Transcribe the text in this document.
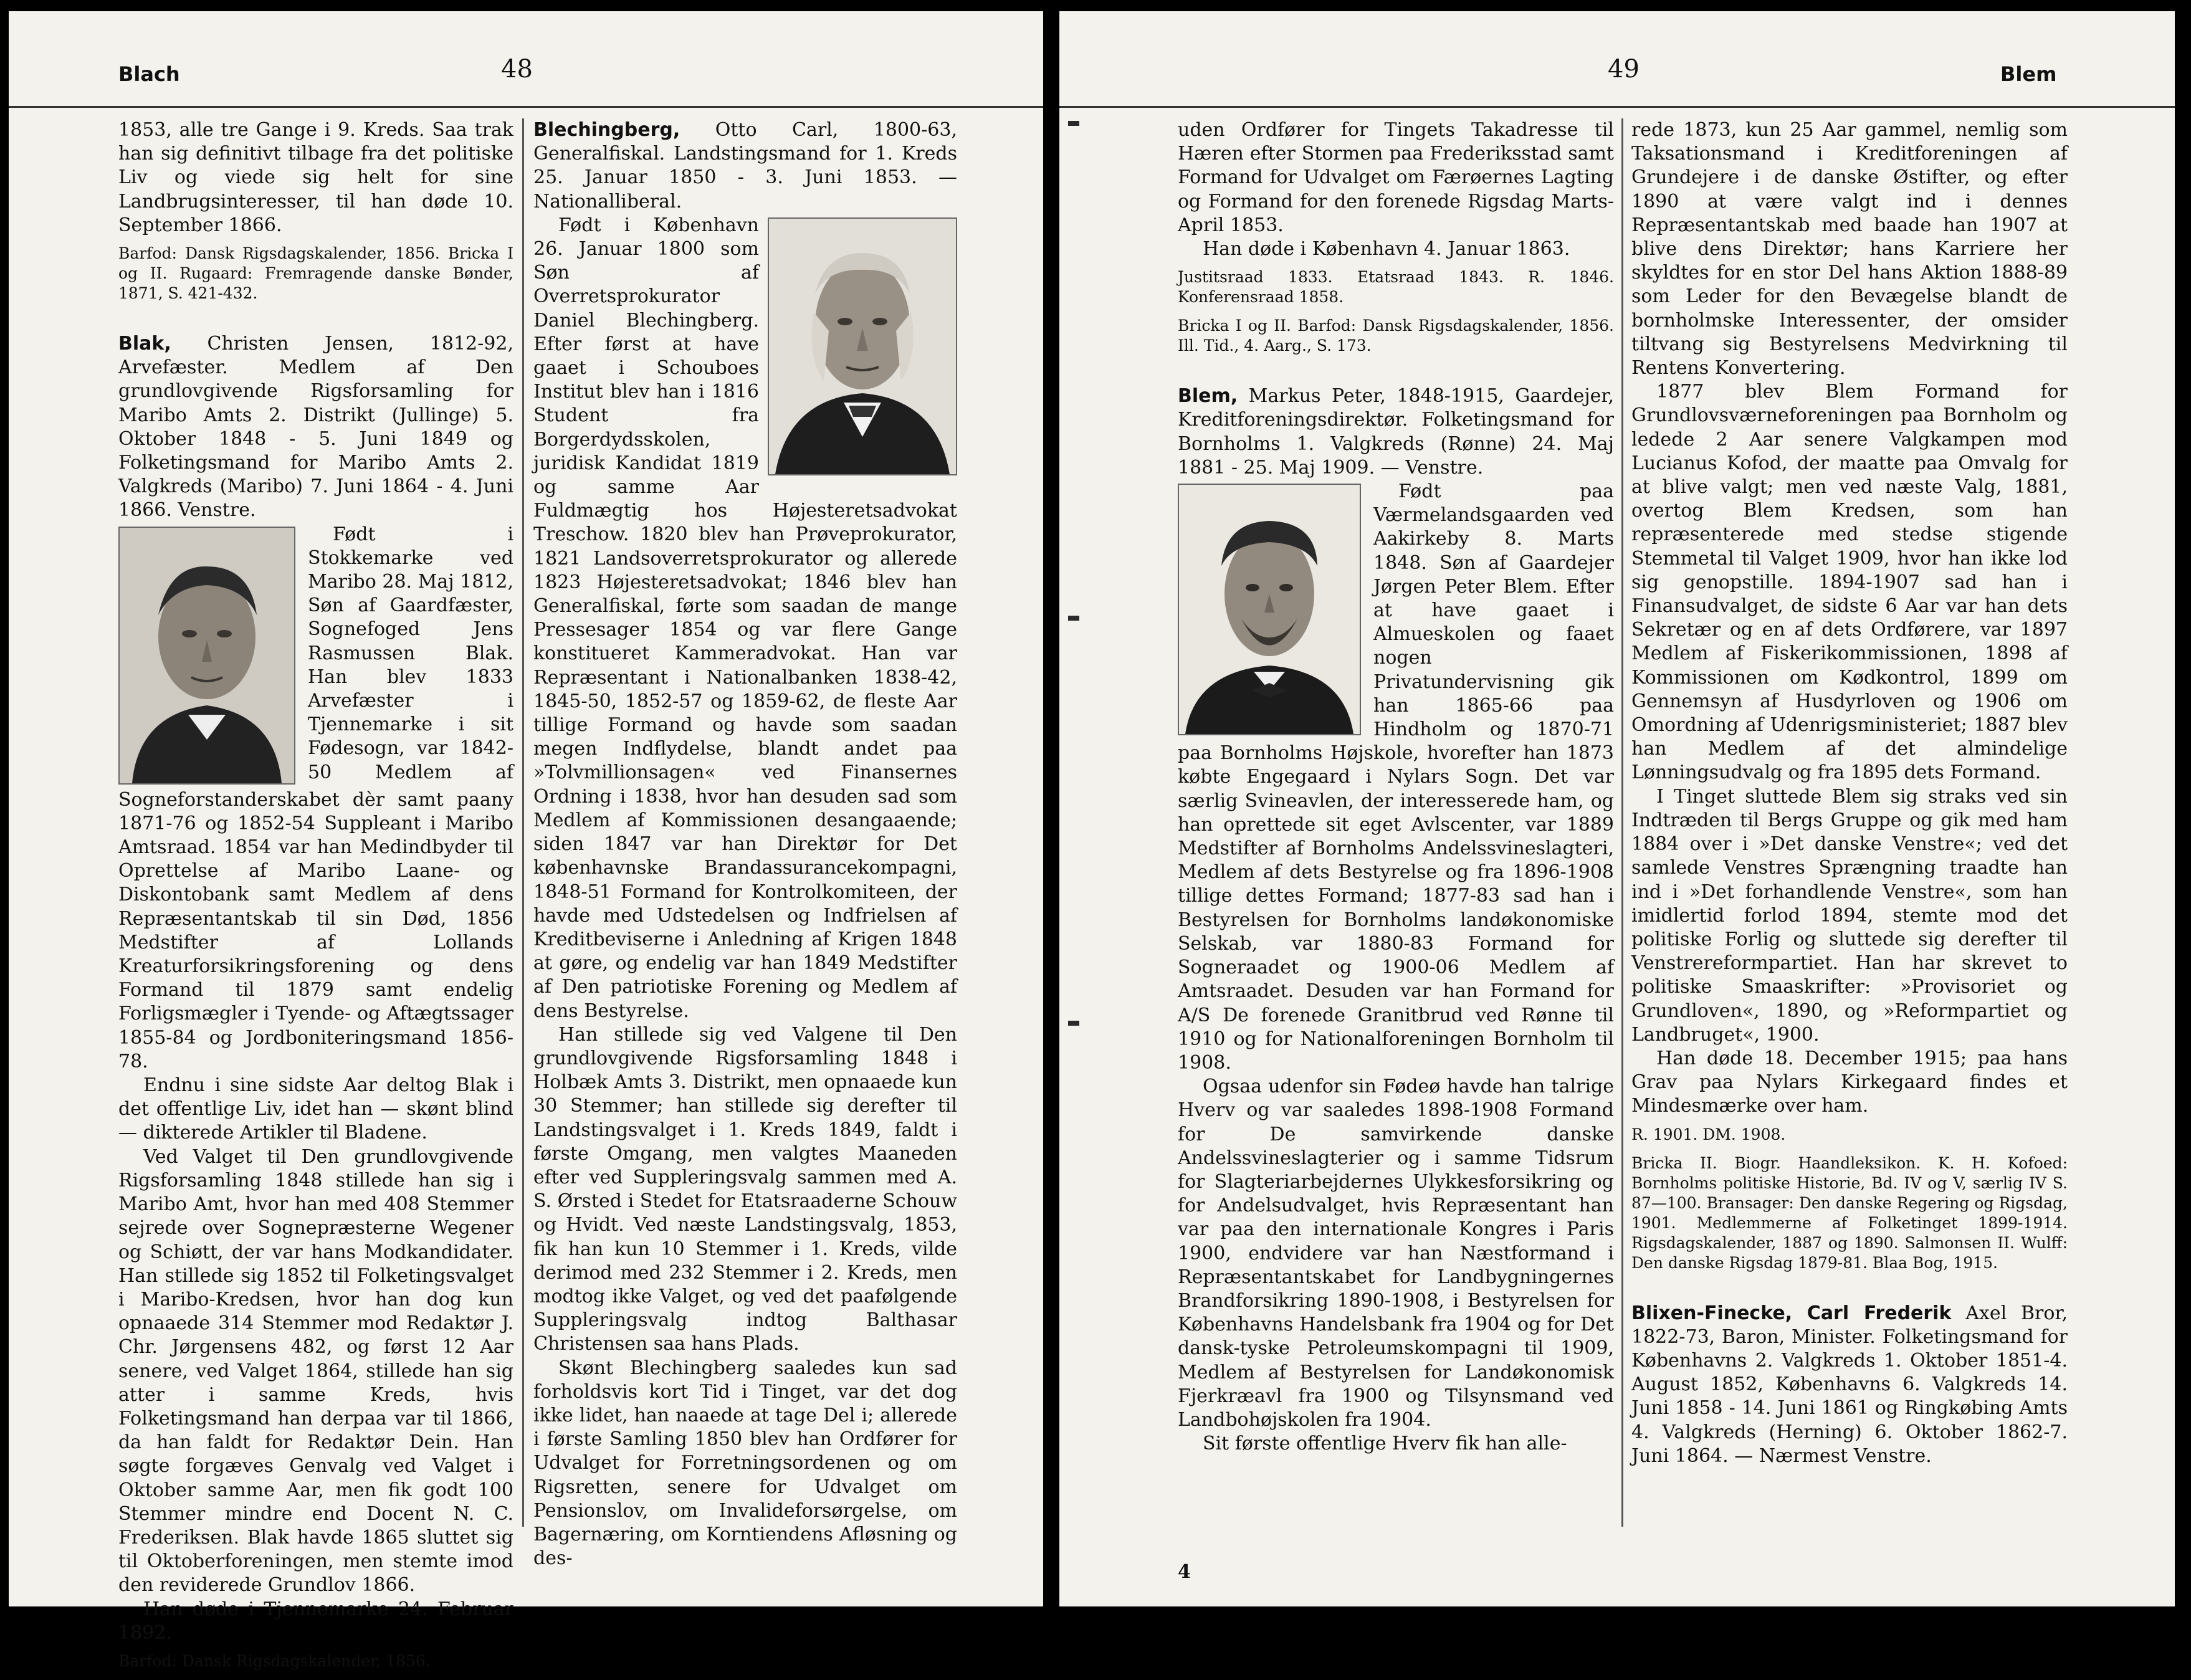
Blach	48

1853, alle tre Gange i 9. Kreds. Saa trak han sig definitivt tilbage fra det politiske Liv og viede sig helt for sine Landbrugsinteresser, til han døde 10. September 1866.

Barfod: Dansk Rigsdagskalender, 1856. Bricka I og II. Rugaard: Fremragende danske Bønder, 1871, S. 421-432.

Blak, Christen Jensen, 1812-92, Arvefæster. Medlem af Den grundlovgivende Rigsforsamling for Maribo Amts 2. Distrikt (Jullinge) 5. Oktober 1848 - 5. Juni 1849 og Folketingsmand for Maribo Amts 2. Valgkreds (Maribo) 7. Juni 1864 - 4. Juni 1866. Venstre.

Født i Stokkemarke ved Maribo 28. Maj 1812, Søn af Gaardfæster, Sognefoged Jens Rasmussen Blak. Han blev 1833 Arvefæster i Tjennemarke i sit Fødesogn, var 1842-50 Medlem af Sogneforstanderskabet dèr samt paany 1871-76 og 1852-54 Suppleant i Maribo Amtsraad. 1854 var han Medindbyder til Oprettelse af Maribo Laane- og Diskontobank samt Medlem af dens Repræsentantskab til sin Død, 1856 Medstifter af Lollands Kreaturforsikringsforening og dens Formand til 1879 samt endelig Forligsmægler i Tyende- og Aftægtssager 1855-84 og Jordboniteringsmand 1856-78.

Endnu i sine sidste Aar deltog Blak i det offentlige Liv, idet han — skønt blind — dikterede Artikler til Bladene.

Ved Valget til Den grundlovgivende Rigsforsamling 1848 stillede han sig i Maribo Amt, hvor han med 408 Stemmer sejrede over Sognepræsterne Wegener og Schiøtt, der var hans Modkandidater. Han stillede sig 1852 til Folketingsvalget i Maribo-Kredsen, hvor han dog kun opnaaede 314 Stemmer mod Redaktør J. Chr. Jørgensens 482, og først 12 Aar senere, ved Valget 1864, stillede han sig atter i samme Kreds, hvis Folketingsmand han derpaa var til 1866, da han faldt for Redaktør Dein. Han søgte forgæves Genvalg ved Valget i Oktober samme Aar, men fik godt 100 Stemmer mindre end Docent N. C. Frederiksen. Blak havde 1865 sluttet sig til Oktoberforeningen, men stemte imod den reviderede Grundlov 1866.

Han døde i Tjennemarke 24. Februar 1892.

Barfod: Dansk Rigsdagskalender, 1856.

Blechingberg, Otto Carl, 1800-63, Generalfiskal. Landstingsmand for 1. Kreds 25. Januar 1850 - 3. Juni 1853. — Nationalliberal.

Født i København 26. Januar 1800 som Søn af Overretsprokurator Daniel Blechingberg. Efter først at have gaaet i Schouboes Institut blev han i 1816 Student fra Borgerdydsskolen, juridisk Kandidat 1819 og samme Aar Fuldmægtig hos Højesteretsadvokat Treschow. 1820 blev han Prøveprokurator, 1821 Landsoverretsprokurator og allerede 1823 Højesteretsadvokat; 1846 blev han Generalfiskal, førte som saadan de mange Pressesager 1854 og var flere Gange konstitueret Kammeradvokat. Han var Repræsentant i Nationalbanken 1838-42, 1845-50, 1852-57 og 1859-62, de fleste Aar tillige Formand og havde som saadan megen Indflydelse, blandt andet paa »Tolvmillionsagen« ved Finansernes Ordning i 1838, hvor han desuden sad som Medlem af Kommissionen desangaaende; siden 1847 var han Direktør for Det københavnske Brandassurancekompagni, 1848-51 Formand for Kontrolkomiteen, der havde med Udstedelsen og Indfrielsen af Kreditbeviserne i Anledning af Krigen 1848 at gøre, og endelig var han 1849 Medstifter af Den patriotiske Forening og Medlem af dens Bestyrelse.

Han stillede sig ved Valgene til Den grundlovgivende Rigsforsamling 1848 i Holbæk Amts 3. Distrikt, men opnaaede kun 30 Stemmer; han stillede sig derefter til Landstingsvalget i 1. Kreds 1849, faldt i første Omgang, men valgtes Maaneden efter ved Suppleringsvalg sammen med A. S. Ørsted i Stedet for Etatsraaderne Schouw og Hvidt. Ved næste Landstingsvalg, 1853, fik han kun 10 Stemmer i 1. Kreds, vilde derimod med 232 Stemmer i 2. Kreds, men modtog ikke Valget, og ved det paafølgende Suppleringsvalg indtog Balthasar Christensen saa hans Plads.

Skønt Blechingberg saaledes kun sad forholdsvis kort Tid i Tinget, var det dog ikke lidet, han naaede at tage Del i; allerede i første Samling 1850 blev han Ordfører for Udvalget for Forretningsordenen og om Rigsretten, senere for Udvalget om Pensionslov, om Invalideforsørgelse, om Bagernæring, om Korntiendens Afløsning og des-

49	Blem

uden Ordfører for Tingets Takadresse til Hæren efter Stormen paa Frederiksstad samt Formand for Udvalget om Færøernes Lagting og Formand for den forenede Rigsdag Marts-April 1853.

Han døde i København 4. Januar 1863.

Justitsraad 1833. Etatsraad 1843. R. 1846. Konferensraad 1858.

Bricka I og II. Barfod: Dansk Rigsdagskalender, 1856. Ill. Tid., 4. Aarg., S. 173.

Blem, Markus Peter, 1848-1915, Gaardejer, Kreditforeningsdirektør. Folketingsmand for Bornholms 1. Valgkreds (Rønne) 24. Maj 1881 - 25. Maj 1909. — Venstre.

Født paa Værmelandsgaarden ved Aakirkeby 8. Marts 1848. Søn af Gaardejer Jørgen Peter Blem. Efter at have gaaet i Almueskolen og faaet nogen Privatundervisning gik han 1865-66 paa Hindholm og 1870-71 paa Bornholms Højskole, hvorefter han 1873 købte Engegaard i Nylars Sogn. Det var særlig Svineavlen, der interesserede ham, og han oprettede sit eget Avlscenter, var 1889 Medstifter af Bornholms Andelssvineslagteri, Medlem af dets Bestyrelse og fra 1896-1908 tillige dettes Formand; 1877-83 sad han i Bestyrelsen for Bornholms landøkonomiske Selskab, var 1880-83 Formand for Sogneraadet og 1900-06 Medlem af Amtsraadet. Desuden var han Formand for A/S De forenede Granitbrud ved Rønne til 1910 og for Nationalforeningen Bornholm til 1908.

Ogsaa udenfor sin Fødeø havde han talrige Hverv og var saaledes 1898-1908 Formand for De samvirkende danske Andelssvineslagterier og i samme Tidsrum for Slagteriarbejdernes Ulykkesforsikring og for Andelsudvalget, hvis Repræsentant han var paa den internationale Kongres i Paris 1900, endvidere var han Næstformand i Repræsentantskabet for Landbygningernes Brandforsikring 1890-1908, i Bestyrelsen for Københavns Handelsbank fra 1904 og for Det dansk-tyske Petroleumskompagni til 1909, Medlem af Bestyrelsen for Landøkonomisk Fjerkræavl fra 1900 og Tilsynsmand ved Landbohøjskolen fra 1904.

Sit første offentlige Hverv fik han alle-

rede 1873, kun 25 Aar gammel, nemlig som Taksationsmand i Kreditforeningen af Grundejere i de danske Østifter, og efter 1890 at være valgt ind i dennes Repræsentantskab med baade han 1907 at blive dens Direktør; hans Karriere her skyldtes for en stor Del hans Aktion 1888-89 som Leder for den Bevægelse blandt de bornholmske Interessenter, der omsider tiltvang sig Bestyrelsens Medvirkning til Rentens Konvertering.

1877 blev Blem Formand for Grundlovsværneforeningen paa Bornholm og ledede 2 Aar senere Valgkampen mod Lucianus Kofod, der maatte paa Omvalg for at blive valgt; men ved næste Valg, 1881, overtog Blem Kredsen, som han repræsenterede med stedse stigende Stemmetal til Valget 1909, hvor han ikke lod sig genopstille. 1894-1907 sad han i Finansudvalget, de sidste 6 Aar var han dets Sekretær og en af dets Ordførere, var 1897 Medlem af Fiskerikommissionen, 1898 af Kommissionen om Kødkontrol, 1899 om Gennemsyn af Husdyrloven og 1906 om Omordning af Udenrigsministeriet; 1887 blev han Medlem af det almindelige Lønningsudvalg og fra 1895 dets Formand.

I Tinget sluttede Blem sig straks ved sin Indtræden til Bergs Gruppe og gik med ham 1884 over i »Det danske Venstre«; ved det samlede Venstres Sprængning traadte han ind i »Det forhandlende Venstre«, som han imidlertid forlod 1894, stemte mod det politiske Forlig og sluttede sig derefter til Venstrereformpartiet. Han har skrevet to politiske Smaaskrifter: »Provisoriet og Grundloven«, 1890, og »Reformpartiet og Landbruget«, 1900.

Han døde 18. December 1915; paa hans Grav paa Nylars Kirkegaard findes et Mindesmærke over ham.

R. 1901. DM. 1908.

Bricka II. Biogr. Haandleksikon. K. H. Kofoed: Bornholms politiske Historie, Bd. IV og V, særlig IV S. 87—100. Bransager: Den danske Regering og Rigsdag, 1901. Medlemmerne af Folketinget 1899-1914. Rigsdagskalender, 1887 og 1890. Salmonsen II. Wulff: Den danske Rigsdag 1879-81. Blaa Bog, 1915.

Blixen-Finecke, Carl Frederik Axel Bror, 1822-73, Baron, Minister. Folketingsmand for Københavns 2. Valgkreds 1. Oktober 1851-4. August 1852, Københavns 6. Valgkreds 14. Juni 1858 - 14. Juni 1861 og Ringkøbing Amts 4. Valgkreds (Herning) 6. Oktober 1862-7. Juni 1864. — Nærmest Venstre.

4
